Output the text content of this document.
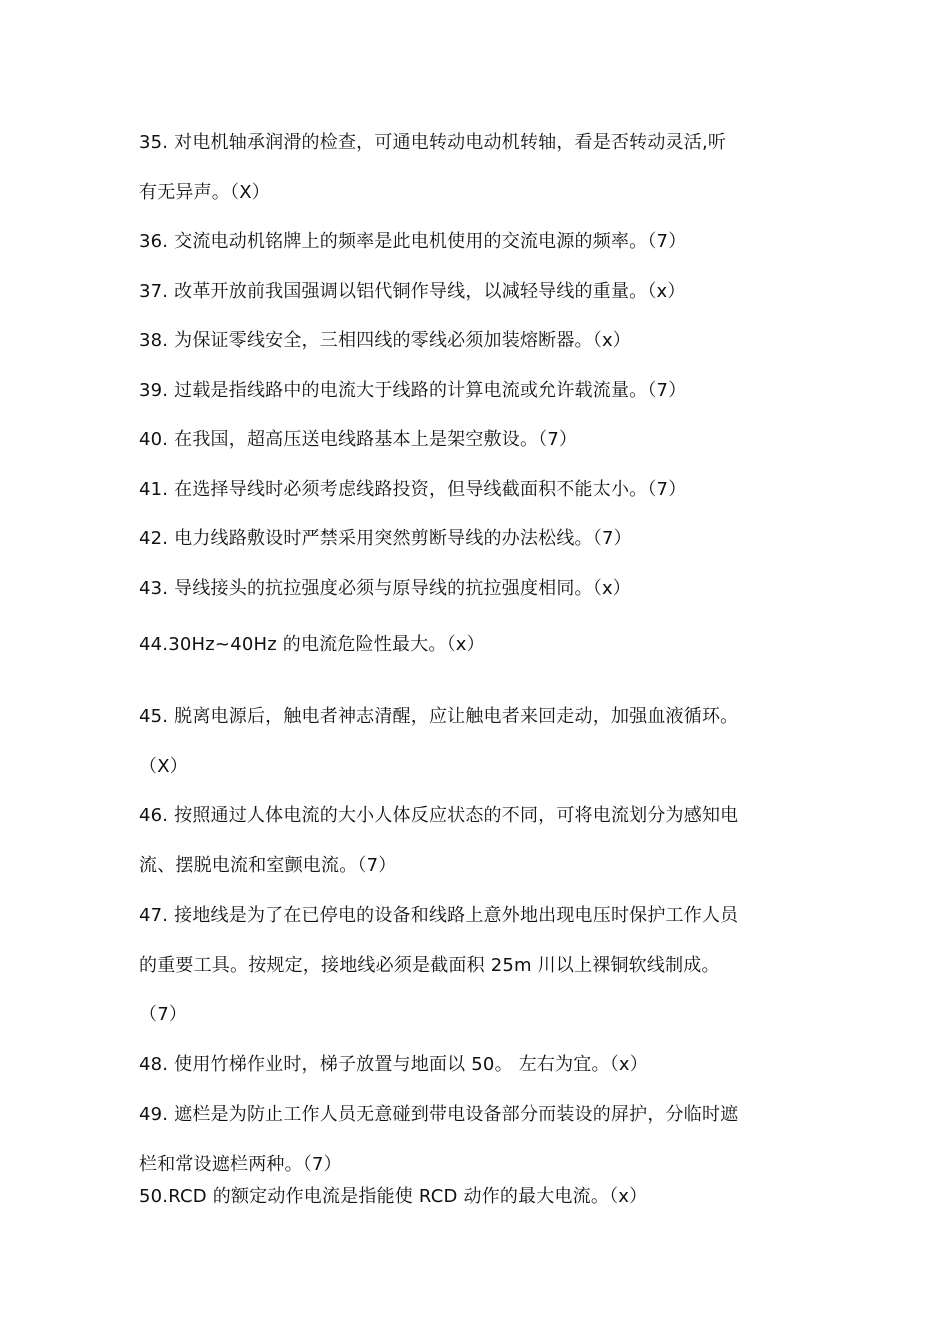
35. 对电机轴承润滑的检查，可通电转动电动机转轴，看是否转动灵活,听
有无异声。（X）
36. 交流电动机铭牌上的频率是此电机使用的交流电源的频率。（7）
37. 改革开放前我国强调以铝代铜作导线，以减轻导线的重量。（x）
38. 为保证零线安全，三相四线的零线必须加装熔断器。（x）
39. 过载是指线路中的电流大于线路的计算电流或允许载流量。（7）
40. 在我国，超高压送电线路基本上是架空敷设。（7）
41. 在选择导线时必须考虑线路投资，但导线截面积不能太小。（7）
42. 电力线路敷设时严禁采用突然剪断导线的办法松线。（7）
43. 导线接头的抗拉强度必须与原导线的抗拉强度相同。（x）
44.30Hz~40Hz 的电流危险性最大。（x）
45. 脱离电源后，触电者神志清醒，应让触电者来回走动，加强血液循环。
（X）
46. 按照通过人体电流的大小人体反应状态的不同，可将电流划分为感知电
流、摆脱电流和室颤电流。（7）
47. 接地线是为了在已停电的设备和线路上意外地出现电压时保护工作人员
的重要工具。按规定，接地线必须是截面积 25m 川以上裸铜软线制成。
（7）
48. 使用竹梯作业时，梯子放置与地面以 50。 左右为宜。（x）
49. 遮栏是为防止工作人员无意碰到带电设备部分而装设的屏护，分临时遮
栏和常设遮栏两种。（7）
50.RCD 的额定动作电流是指能使 RCD 动作的最大电流。（x）
